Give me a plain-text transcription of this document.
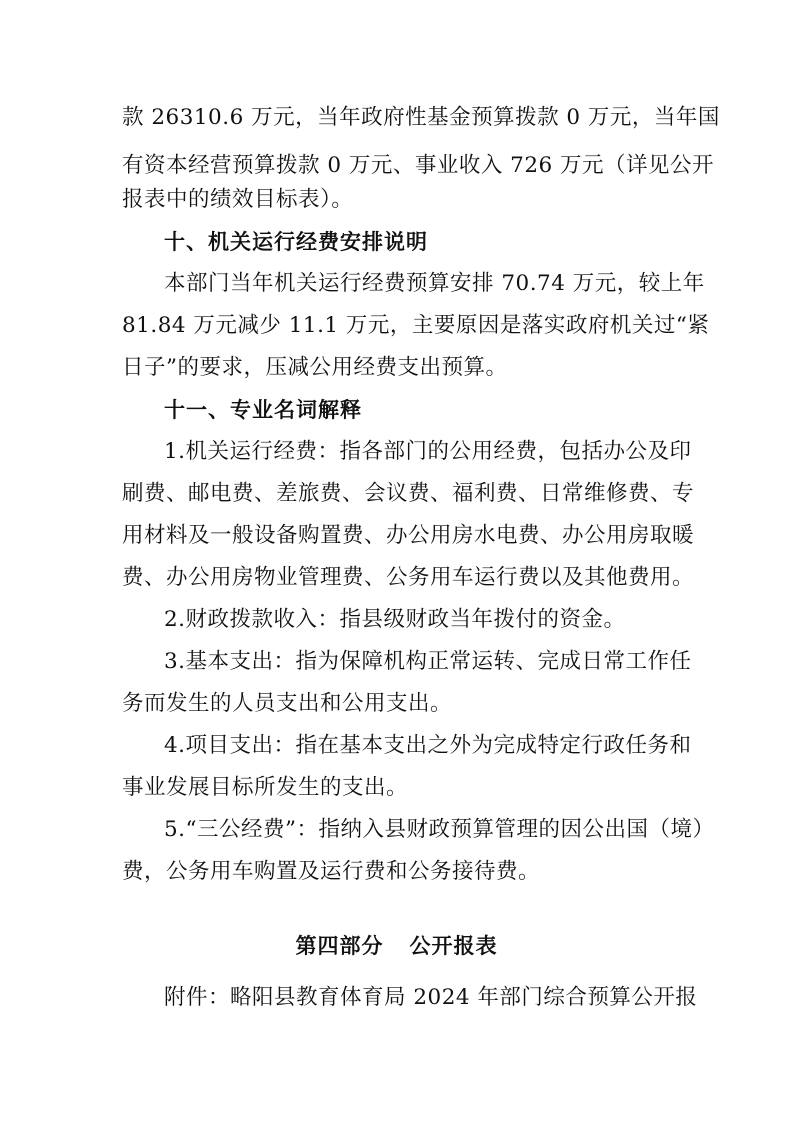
款 26310.6 万元，当年政府性基金预算拨款 0 万元，当年国
有资本经营预算拨款 0 万元、事业收入 726 万元（详见公开
报表中的绩效目标表）。
十、机关运行经费安排说明
本部门当年机关运行经费预算安排 70.74 万元，较上年
81.84 万元减少 11.1 万元，主要原因是落实政府机关过“紧
日子”的要求，压减公用经费支出预算。
十一、专业名词解释
1.机关运行经费：指各部门的公用经费，包括办公及印
刷费、邮电费、差旅费、会议费、福利费、日常维修费、专
用材料及一般设备购置费、办公用房水电费、办公用房取暖
费、办公用房物业管理费、公务用车运行费以及其他费用。
2.财政拨款收入：指县级财政当年拨付的资金。
3.基本支出：指为保障机构正常运转、完成日常工作任
务而发生的人员支出和公用支出。
4.项目支出：指在基本支出之外为完成特定行政任务和
事业发展目标所发生的支出。
5.“三公经费”：指纳入县财政预算管理的因公出国（境）
费，公务用车购置及运行费和公务接待费。
第四部分 公开报表
附件：略阳县教育体育局 2024 年部门综合预算公开报
